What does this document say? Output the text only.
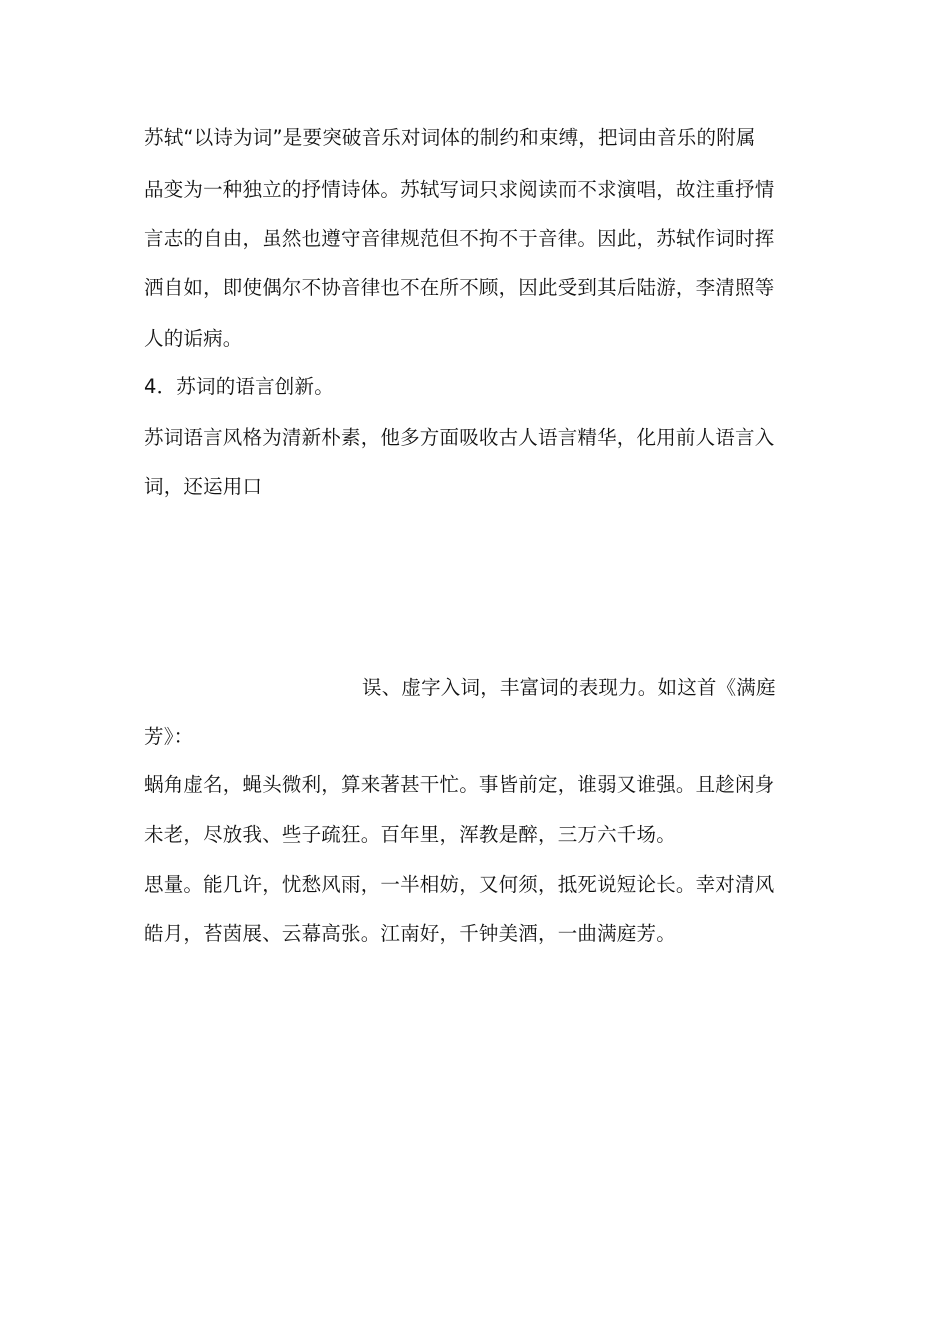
苏轼“以诗为词”是要突破音乐对词体的制约和束缚，把词由音乐的附属
品变为一种独立的抒情诗体。苏轼写词只求阅读而不求演唱，故注重抒情
言志的自由，虽然也遵守音律规范但不拘不于音律。因此，苏轼作词时挥
洒自如，即使偶尔不协音律也不在所不顾，因此受到其后陆游，李清照等
人的诟病。
4．苏词的语言创新。
苏词语言风格为清新朴素，他多方面吸收古人语言精华，化用前人语言入
词，还运用口
误、虚字入词，丰富词的表现力。如这首《满庭
芳》：
蜗角虚名，蝇头微利，算来著甚干忙。事皆前定，谁弱又谁强。且趁闲身
未老，尽放我、些子疏狂。百年里，浑教是醉，三万六千场。
思量。能几许，忧愁风雨，一半相妨，又何须，抵死说短论长。幸对清风
皓月，苔茵展、云幕高张。江南好，千钟美酒，一曲满庭芳。
